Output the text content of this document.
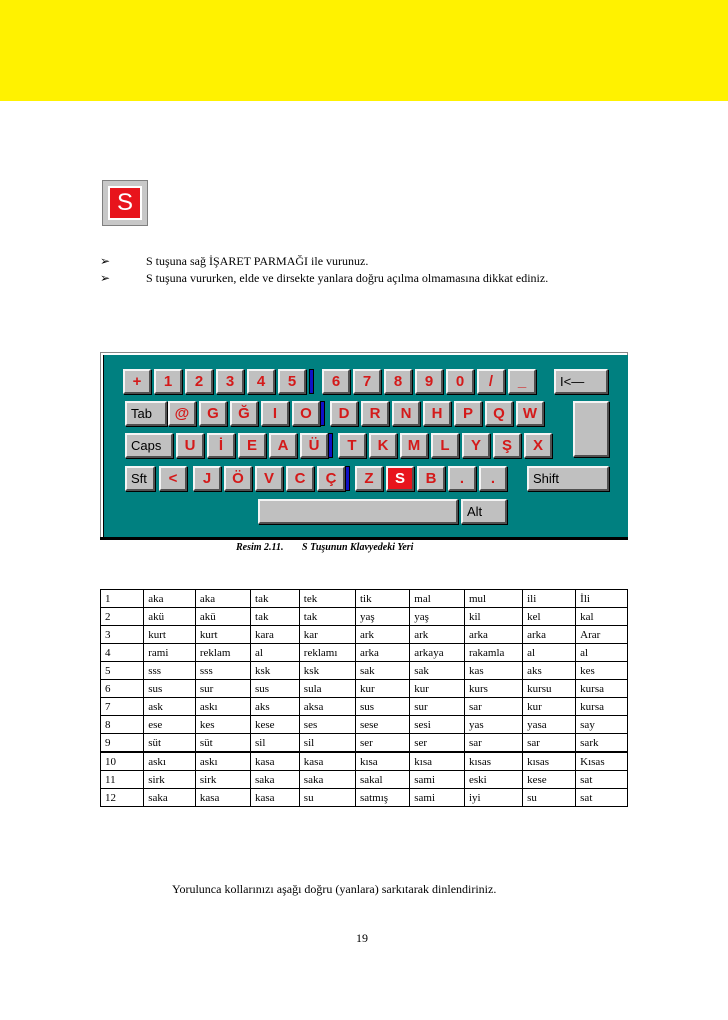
S
➢	S tuşuna sağ İŞARET PARMAĞI ile vurunuz.
➢	S tuşuna vururken, elde ve dirsekte yanlara doğru açılma olmamasına dikkat ediniz.
+	1	2	3	4	5	6	7	8	9	0	/	_	I<—
Tab	@	G	Ğ	I	O	D	R	N	H	P	Q	W
Caps	U	İ	E	A	Ü	T	K	M	L	Y	Ş	X
Sft	<	J	Ö	V	C	Ç	Z	S	B	.	.	Shift
Alt
Resim 2.11. S Tuşunun Klavyedeki Yeri
1	aka	aka	tak	tek	tik	mal	mul	ili	İli
2	akü	akü	tak	tak	yaş	yaş	kil	kel	kal
3	kurt	kurt	kara	kar	ark	ark	arka	arka	Arar
4	rami	reklam	al	reklamı	arka	arkaya	rakamla	al	al
5	sss	sss	ksk	ksk	sak	sak	kas	aks	kes
6	sus	sur	sus	sula	kur	kur	kurs	kursu	kursa
7	ask	askı	aks	aksa	sus	sur	sar	kur	kursa
8	ese	kes	kese	ses	sese	sesi	yas	yasa	say
9	süt	süt	sil	sil	ser	ser	sar	sar	sark
10	askı	askı	kasa	kasa	kısa	kısa	kısas	kısas	Kısas
11	sirk	sirk	saka	saka	sakal	sami	eski	kese	sat
12	saka	kasa	kasa	su	satmış	sami	iyi	su	sat
Yorulunca kollarınızı aşağı doğru (yanlara) sarkıtarak dinlendiriniz.
19
